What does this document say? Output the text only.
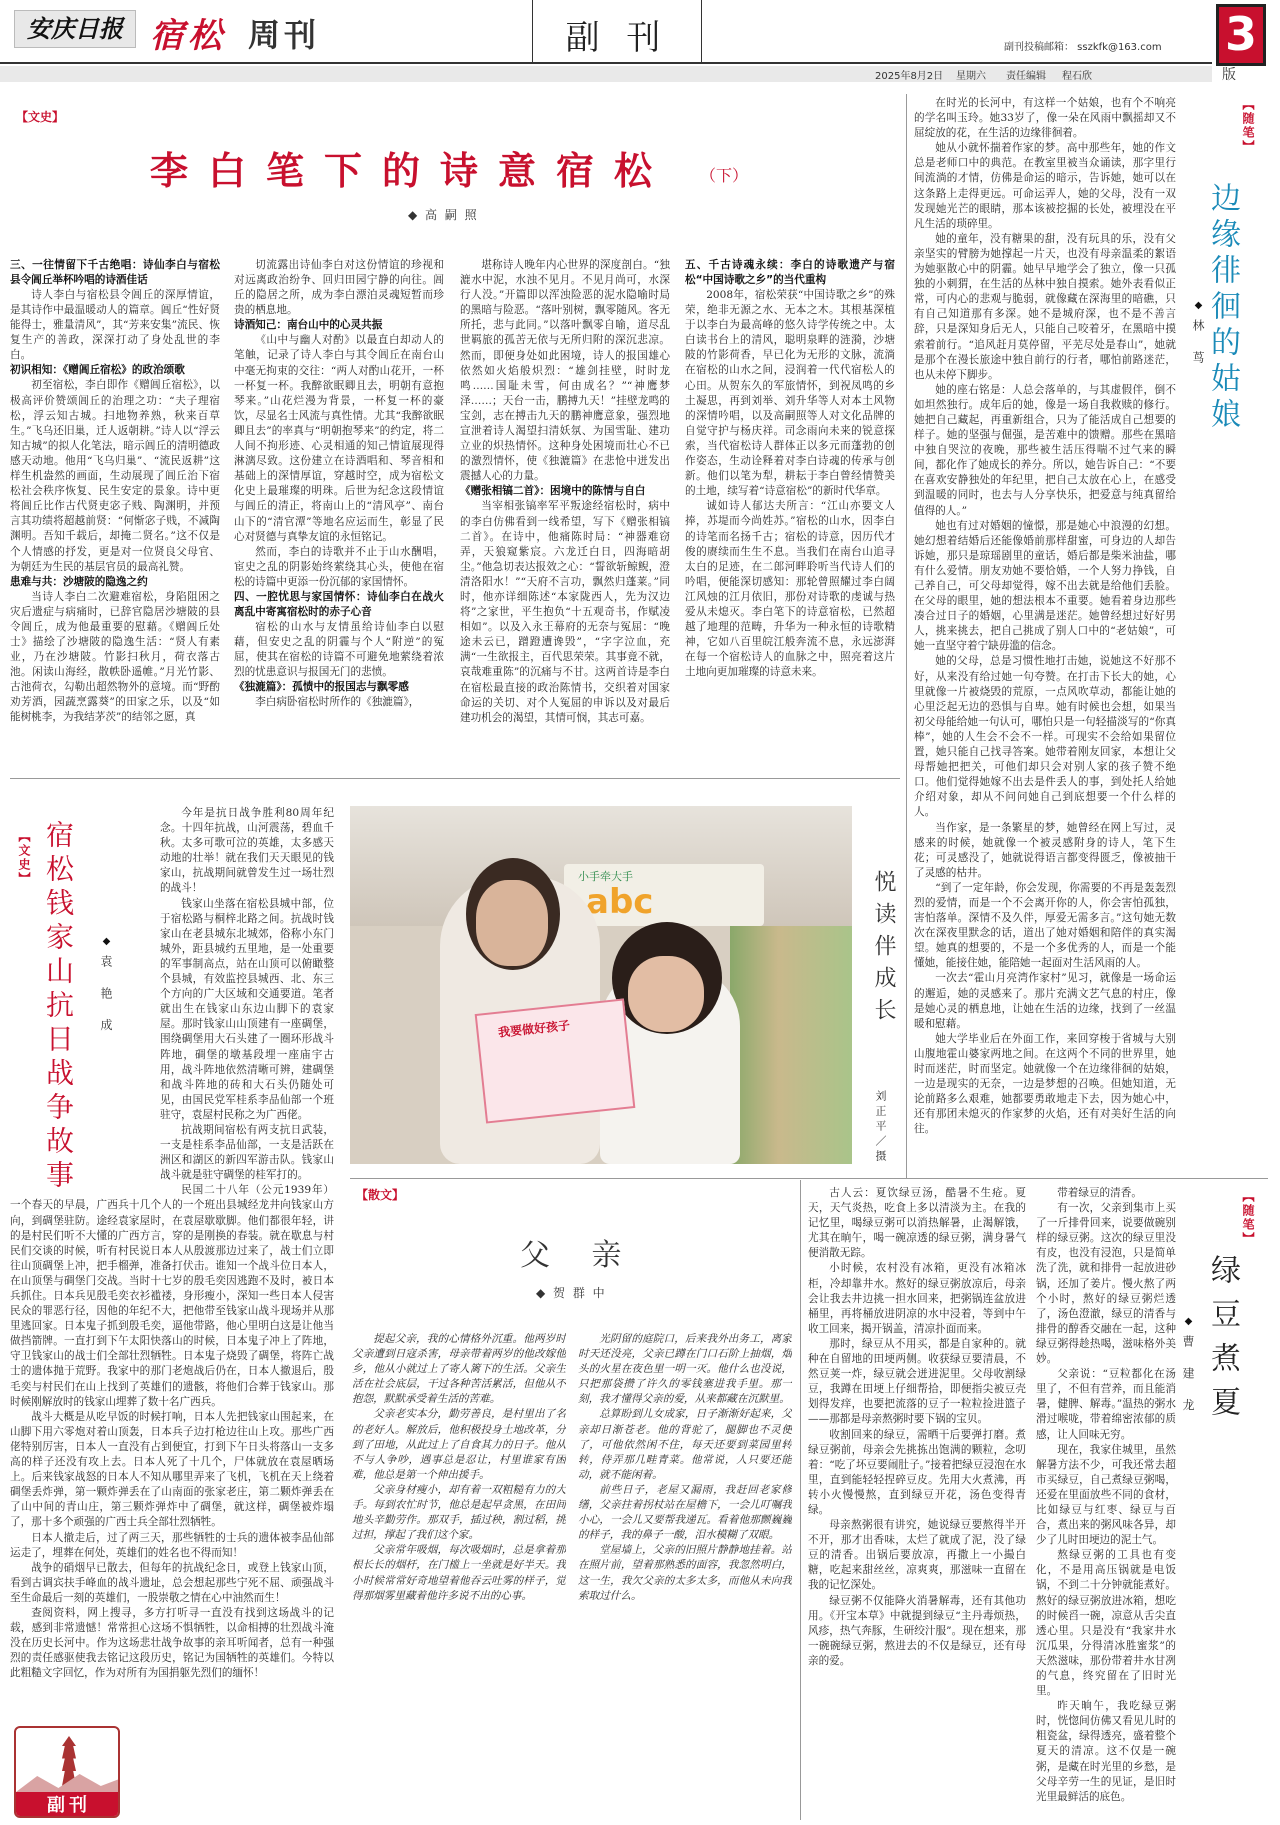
安庆日报 宿松 周刊	副 刊	副刊投稿邮箱： sszkfk@163.com
2025年8月2日 星期六 责任编辑 程石欣
3
版
【文史】
李白笔下的诗意宿松 （下）
◆ 高 嗣 照
三、一往情留下千古绝唱：诗仙李白与宿松县令阊丘举杯吟唱的诗酒佳话

诗人李白与宿松县令阊丘的深厚情谊，是其诗作中最温暖动人的篇章。阊丘“性好贤能得士，雅量清风”，其“芳来安集”流民、恢复生产的善政，深深打动了身处乱世的李白。

初识相知：《赠阊丘宿松》的政治颂歌

初至宿松，李白即作《赠阊丘宿松》，以极高评价赞颂阊丘的治理之功：“夫子理宿松，浮云知古城。扫地物养熟，秋来百草生。”飞乌还旧巢，迁人返朝耕。”诗人以“浮云知古城”的拟人化笔法，暗示阊丘的清明德政感天动地。他用“飞乌归巢”、“流民返耕”这样生机盎然的画面，生动展现了阊丘治下宿松社会秩序恢复、民生安定的景象。诗中更将阊丘比作古代贤吏宓子贱、陶渊明，并预言其功绩将超越前贤：“何惭宓子贱，不减陶渊明。吾知千载后，却掩二贤名。”这不仅是个人情感的抒发，更是对一位贤良父母官、为朝廷为生民的基层官员的最高礼赞。

患难与共：沙塘陂的隐逸之约

当诗人李白二次避难宿松，身陷阻困之灾后遗症与病痛时，已辞官隐居沙塘陂的县令阊丘，成为他最重要的慰藉。《赠阊丘处士》描绘了沙塘陂的隐逸生活：“贤人有素业，乃在沙塘陂。竹影扫秋月，荷衣落古池。闲读山海经，散帙卧遥帷。”月光竹影、古池荷衣，勾勒出超然物外的意境。而“野酌劝芳酒，园蔬烹露葵”的田家之乐，以及“如能树桃李，为我结茅茨”的结邻之愿，真

切流露出诗仙李白对这份情谊的珍视和对远离政治纷争、回归田园宁静的向往。阊丘的隐居之所，成为李白漂泊灵魂短暂而珍贵的栖息地。

诗酒知己：南台山中的心灵共振

《山中与幽人对酌》以最直白却动人的笔触，记录了诗人李白与其令阊丘在南台山中毫无拘束的交往：“两人对酌山花开，一杯一杯复一杯。我醉欲眠卿且去，明朝有意抱琴来。”山花烂漫为背景，一杯复一杯的豪饮，尽显名士风流与真性情。尤其“我醉欲眠卿且去”的率真与“明朝抱琴来”的约定，将二人间不拘形迹、心灵相通的知己情谊展现得淋漓尽致。这份建立在诗酒唱和、琴音相和基础上的深情厚谊，穿越时空，成为宿松文化史上最璀璨的明珠。后世为纪念这段情谊与阊丘的清正，将南山上的“清风亭”、南台山下的“清官潭”等地名应运而生，彰显了民心对贤德与真挚友谊的永恒铭记。

然而，李白的诗歌并不止于山水酬唱，宦史之乱的阴影始终萦绕其心头，使他在宿松的诗篇中更添一份沉郁的家国情怀。

四、一腔忧思与家国情怀：诗仙李白在战火离乱中寄寓宿松时的赤子心音

宿松的山水与友情虽给诗仙李白以慰藉，但安史之乱的阴霾与个人“附逆”的冤屈，使其在宿松的诗篇不可避免地萦绕着浓烈的忧患意识与报国无门的悲愤。

《独漉篇》：孤愤中的报国志与飘零感

李白病卧宿松时所作的《独漉篇》，

堪称诗人晚年内心世界的深度剖白。“独漉水中泥，水浊不见月。不见月尚可，水深行人没。”开篇即以浑浊险恶的泥水隐喻时局的黑暗与险恶。“落叶别树，飘零随风。客无所托，悲与此同。”以落叶飘零自喻，道尽乱世羁旅的孤苦无依与无所归附的深沉悲凉。然而，即便身处如此困境，诗人的报国雄心依然如火焰般炽烈：“雄剑挂壁，时时龙鸣……国耻未雪，何由成名？”“神鹰梦泽……；天台一击，鹏搏九天！”挂壁龙鸣的宝剑，志在搏击九天的鹏神鹰意象，强烈地宣泄着诗人渴望扫清妖氛、为国雪耻、建功立业的炽热情怀。这种身处困境而壮心不已的激烈情怀，使《独漉篇》在悲怆中迸发出震撼人心的力量。

《赠张相镐二首》：困境中的陈情与自白

当宰相张镐率军平叛途经宿松时，病中的李白仿佛看到一线希望，写下《赠张相镐二首》。在诗中，他痛陈时局：“神器难窃弄，天狼窥紫宸。六龙迁白日，四海暗胡尘。”他急切表达报效之心：“誓欲斩鲸鲵，澄清洛阳水！”“天府不言功，飘然归蓬莱。”同时，他亦详细陈述“本家陇西人，先为汉边将”之家世，平生抱负“十五观奇书，作赋凌相如”。以及入永王幕府的无奈与冤屈：“晚途未云已，蹭蹬遭谗毁”，“字字泣血，充满“一生欲报主，百代思荣荣。其事竟不就，哀哉难重陈”的沉痛与不甘。这两首诗是李白在宿松最直接的政治陈情书，交织着对国家命运的关切、对个人冤屈的申诉以及对最后建功机会的渴望，其情可悯，其志可嘉。

五、千古诗魂永续：李白的诗歌遗产与宿松“中国诗歌之乡”的当代重构

2008年，宿松荣获“中国诗歌之乡”的殊荣，绝非无源之水、无本之木。其根基深植于以李白为最高峰的悠久诗学传统之中。太白读书台上的清风，聪明泉畔的涟漪，沙塘陂的竹影荷香，早已化为无形的文脉，流淌在宿松的山水之间，浸润着一代代宿松人的心田。从贺东久的军旅情怀，到祝凤鸣的乡土凝思，再到刘举、刘升华等人对本土风物的深情吟唱，以及高嗣照等人对文化品牌的自觉守护与杨庆祥。司念雨向未来的锐意探索，当代宿松诗人群体正以多元而蓬勃的创作姿态，生动诠释着对李白诗魂的传承与创新。他们以笔为犁，耕耘于李白曾经情赞美的土地，续写着“诗意宿松”的新时代华章。

诚如诗人郁达夫所言：“江山亦要文人捧，苏堤而今尚姓苏。”宿松的山水，因李白的诗笔而名扬千古；宿松的诗意，因历代才俊的赓续而生生不息。当我们在南台山追寻太白的足迹，在二郎河畔聆听当代诗人们的吟唱，便能深切感知：那轮曾照耀过李白阔江风烛的江月依旧，那份对诗歌的虔诚与热爱从未熄灭。李白笔下的诗意宿松，已然超越了地理的范畴，升华为一种永恒的诗歌精神，它如八百里皖江般奔流不息，永远澎湃在每一个宿松诗人的血脉之中，照亮着这片土地向更加璀璨的诗意未来。

在时光的长河中，有这样一个姑娘，也有个不响亮的学名叫玉玲。她33岁了，像一朵在风雨中飘摇却又不屈绽放的花，在生活的边缘徘徊着。

她从小就怀揣着作家的梦。高中那些年，她的作文总是老师口中的典范。在教室里被当众诵读，那字里行间流淌的才情，仿佛是命运的暗示，告诉她，她可以在这条路上走得更远。可命运弄人，她的父母，没有一双发现她光芒的眼睛，那本该被挖掘的长处，被埋没在平凡生活的琐碎里。

她的童年，没有糖果的甜，没有玩具的乐，没有父亲坚实的臂膀为她撑起一片天，也没有母亲温柔的絮语为她驱散心中的阴霾。她早早地学会了独立，像一只孤独的小刺猬，在生活的丛林中独自摸索。她外表看似正常，可内心的悲观与脆弱，就像藏在深海里的暗礁，只有自己知道那有多深。她不是城府深，也不是不善言辞，只是深知身后无人，只能自己咬着牙，在黑暗中摸索着前行。“追风赶月莫停留，平芜尽处是春山”，她就是那个在漫长旅途中独自前行的行者，哪怕前路迷茫，也从未停下脚步。

她的座右铭是：人总会落单的，与其虚假伴，倒不如坦然独行。成年后的她，像是一场自我救赎的修行。她把自己藏起，再重新组合，只为了能活成自己想要的样子。她的坚强与倔强，是苦难中的馈赠。那些在黑暗中独自哭泣的夜晚，那些被生活压得喘不过气来的瞬间，都化作了她成长的养分。所以，她告诉自己：“不要在喜欢安静独处的年纪里，把自己太放在心上，在感受到温暖的同时，也去与人分享快乐，把爱意与纯真留给值得的人。”

她也有过对婚姻的憧憬，那是她心中浪漫的幻想。她幻想着结婚后还能像婚前那样甜蜜，可身边的人却告诉她，那只是琼瑶剧里的童话，婚后都是柴米油盐，哪有什么爱情。朋友劝她不要恰婚，一个人努力挣钱，自己养自己，可父母却觉得，嫁不出去就是给他们丢脸。在父母的眼里，她的想法根本不重要。她看着身边那些凑合过日子的婚姻，心里满是迷茫。她曾经想过好好男人，挑来挑去，把自己挑成了别人口中的“老姑娘”，可她一直坚守着宁缺毋滥的信念。

她的父母，总是习惯性地打击她，说她这不好那不好，从来没有给过她一句夸赞。在打击下长大的她，心里就像一片被烧毁的荒原，一点风吹草动，都能让她的心里泛起无边的恐惧与自卑。她有时候也会想，如果当初父母能给她一句认可，哪怕只是一句轻描淡写的“你真棒”，她的人生会不会不一样。可现实不会给如果留位置，她只能自己找寻答案。她带着刚友回家，本想让父母帮她把把关，可他们却只会对别人家的孩子赞不绝口。他们觉得她嫁不出去是件丢人的事，到处托人给她介绍对象，却从不问问她自己到底想要一个什么样的人。

当作家，是一条繁星的梦，她曾经在网上写过，灵感来的时候，她就像一个被灵感附身的诗人，笔下生花；可灵感没了，她就说得语言都变得匮乏，像被抽干了灵感的枯井。

“到了一定年龄，你会发现，你需要的不再是轰轰烈烈的爱情，而是一个不会离开你的人，你会害怕孤独，害怕落单。深情不及久伴，厚爱无需多言。”这句她无数次在深夜里默念的话，道出了她对婚姻和陪伴的真实渴望。她真的想要的，不是一个多优秀的人，而是一个能懂她，能接住她，能陪她一起面对生活风雨的人。

一次去“霍山月亮湾作家村”见习，就像是一场命运的邂逅，她的灵感来了。那片充满文艺气息的村庄，像是她心灵的栖息地，让她在生活的边缘，找到了一丝温暖和慰藉。

她大学毕业后在外面工作，来回穿梭于省城与大别山腹地霍山婆家两地之间。在这两个不同的世界里，她时而迷茫，时而坚定。她就像一个在边缘徘徊的姑娘，一边是现实的无奈，一边是梦想的召唤。但她知道，无论前路多么艰难，她都要勇敢地走下去，因为她心中，还有那团未熄灭的作家梦的火焰，还有对美好生活的向往。

【随笔】
边缘徘徊的姑娘
◆林 茑
【文史】 宿松钱家山抗日战争故事	◆袁 艳 成

今年是抗日战争胜利80周年纪念。十四年抗战，山河震荡，碧血千秋。太多可歌可泣的英雄，太多感天动地的壮举！就在我们天天眼见的钱家山，抗战期间就曾发生过一场壮烈的战斗！

钱家山坐落在宿松县城中部，位于宿松路与桐梓北路之间。抗战时钱家山在老县城东北城郊，俗称小东门城外，距县城约五里地，是一处重要的军事制高点，站在山顶可以俯瞰整个县城，有效监控县城西、北、东三个方向的广大区域和交通要道。笔者就出生在钱家山东边山脚下的袁家屋。那时钱家山山顶建有一座碉堡，围绕碉堡用大石头建了一圈环形战斗阵地，碉堡的墩基段埋一座庙宇古用，战斗阵地依然清晰可辨，建碉堡和战斗阵地的砖和大石头仍随处可见，由国民党军桂系李品仙部一个班驻守，袁屋村民称之为广西佬。

抗战期间宿松有两支抗日武装，一支是桂系李品仙部，一支是活跃在洲区和湖区的新四军游击队。钱家山战斗就是驻守碉堡的桂军打的。

民国二十八年（公元1939年）一个春天的早晨，广西兵十几个人的一个班出县城经龙井向钱家山方向，到碉堡驻防。途经袁家屋时，在袁屋歇歇脚。他们都很年轻，讲的是村民们听不大懂的广西方言，穿的是刚换的春装。就在歇息与村民们交谈的时候，听有村民说日本人从殷渡那边过来了，战士们立即往山顶碉堡上冲，把手榴弹，准备打伏击。谁知一个战斗位日本人，在山顶堡与碉堡门交战。当时十七岁的殷毛奕因逃跑不及时，被日本兵抓住。日本兵见殷毛奕衣衫褴褛，身形瘦小，深知一些日本人侵害民众的罪恶行径，因他的年纪不大，把他带至钱家山战斗现场并从那里逃回家。日本鬼子抓到殷毛奕，逼他带路，他心里明白这是让他当做挡箭牌。一直打到下午太阳快落山的时候，日本鬼子冲上了阵地，守卫钱家山的战士们全部壮烈牺牲。日本鬼子烧毁了碉堡，将阵亡战士的遗体抛于荒野。我家中的那门老炮战后仍在，日本人撤退后，殷毛奕与村民们在山上找到了英雄们的遗骸，将他们合葬于钱家山。那时候刚解放时的钱家山埋葬了数十名广西兵。

战斗大概是从吃早饭的时候打响，日本人先把钱家山围起来，在山脚下用六零炮对着山顶轰，日本兵子边打枪边往山上攻。那些广西佬特别厉害，日本人一直没有占到便宜，打到下午日头将落山一支多高的样子还没有攻上去。日本人死了十几个，尸体就放在袁屋晒场上。后来钱家战怒的日本人不知从哪里弄来了飞机，飞机在天上绕着碉堡丢炸弹，第一颗炸弹丢在了山南面的张家老庄，第二颗炸弹丢在了山中间的青山庄，第三颗炸弹炸中了碉堡，就这样，碉堡被炸塌了，那十多个顽强的广西士兵全部壮烈牺牲。

日本人撤走后，过了两三天，那些牺牲的士兵的遗体被李品仙部运走了，埋葬在何处，英雄们的姓名也不得而知！

战争的硝烟早已散去，但每年的抗战纪念日，或登上钱家山顶，看到古调宾扶手峰血的战斗遗址，总会想起那些宁死不屈、顽强战斗至生命最后一刻的英雄们，一股崇敬之情在心中油然而生！

查阅资料，网上搜寻，多方打听寻一直没有找到这场战斗的记载，感到非常遗憾！常常担心这场不惧牺牲，以命相搏的壮烈战斗淹没在历史长河中。作为这场悲壮战争故事的亲耳听闻者，总有一种强烈的责任感驱使我去铭记这段历史，铭记为国牺牲的英雄们。今特以此粗糙文字回忆，作为对所有为国捐躯先烈们的缅怀！

小手牵大手
abc
我要做好孩子	悦读伴成长
刘正平／摄
【散文】
父 亲
◆ 贺 群 中

提起父亲，我的心情格外沉重。他两岁时父亲遭到日寇杀害，母亲带着两岁的他改嫁他乡，他从小就过上了寄人篱下的生活。父亲生活在社会底层，干过各种苦活累活，但他从不抱怨，默默承受着生活的苦难。

父亲老实本分，勤劳善良，是村里出了名的老好人。解放后，他积极投身土地改革，分到了田地，从此过上了自食其力的日子。他从不与人争吵，遇事总是忍让，村里谁家有困难，他总是第一个伸出援手。

父亲身材瘦小，却有着一双粗糙有力的大手。每到农忙时节，他总是起早贪黑，在田间地头辛勤劳作。那双手，插过秧，割过稻，挑过担，撑起了我们这个家。

父亲常年吸烟，每次吸烟时，总是拿着那根长长的烟杆，在门槛上一坐就是好半天。我小时候常常好奇地望着他吞云吐雾的样子，觉得那烟雾里藏着他许多说不出的心事。

光阴留的庭院口，后来我外出务工，离家时天还没亮，父亲已蹲在门口石阶上抽烟，烟头的火星在夜色里一明一灭。他什么也没说，只把那袋攒了许久的零钱塞进我手里。那一刻，我才懂得父亲的爱，从来都藏在沉默里。

总算盼到儿女成家，日子渐渐好起来，父亲却日渐苍老。他的背驼了，腿脚也不灵便了，可他依然闲不住，每天还要到菜园里转转，侍弄那几畦青菜。他常说，人只要还能动，就不能闲着。

前些日子，老屋又漏雨，我赶回老家修缮，父亲拄着拐杖站在屋檐下，一会儿叮嘱我小心，一会儿又要帮我递瓦。看着他那颤巍巍的样子，我的鼻子一酸，泪水模糊了双眼。

堂屋墙上，父亲的旧照片静静地挂着。站在照片前，望着那熟悉的面容，我忽然明白，这一生，我欠父亲的太多太多，而他从未向我索取过什么。

古人云：夏饮绿豆汤，酷暑不生疮。夏天，天气炎热，吃食上多以清淡为主。在我的记忆里，喝绿豆粥可以消热解暑，止渴解饿，尤其在晌午，喝一碗凉透的绿豆粥，满身暑气便消散无踪。

小时候，农村没有冰箱，更没有冰箱冰柜，冷却靠井水。熬好的绿豆粥放凉后，母亲会让我去井边挑一担水回来，把粥锅连盆放进桶里，再将桶放进阴凉的水中浸着，等到中午收工回来，揭开锅盖，清凉扑面而来。

那时，绿豆从不用买，都是自家种的。就种在自留地的田埂两侧。收获绿豆要清晨，不然豆荚一炸，绿豆就会迸进泥里。父母收割绿豆，我蹲在田埂上仔细帮拾，即便指尖被豆壳划得发痒，也要把流落的豆子一粒粒捡进篮子——那都是母亲熬粥时要下锅的宝贝。

收割回来的绿豆，需晒干后要弹打磨。煮绿豆粥前，母亲会先挑拣出饱满的颗粒，念叨着：“吃了坏豆要闹肚子。”接着把绿豆浸泡在水里，直到能轻轻捏碎豆皮。先用大火煮沸，再转小火慢慢熬，直到绿豆开花，汤色变得青绿。

母亲熬粥很有讲究，她说绿豆要熬得半开不开，那才出香味，太烂了就成了泥，没了绿豆的清香。出锅后要放凉，再撒上一小撮白糖，吃起来甜丝丝，凉爽爽，那滋味一直留在我的记忆深处。

绿豆粥不仅能降火消暑解毒，还有其他功用。《开宝本草》中就提到绿豆“主丹毒烦热，风疹，热气奔豚，生研绞汁服”。现在想来，那一碗碗绿豆粥，熬进去的不仅是绿豆，还有母亲的爱。

带着绿豆的清香。

有一次，父亲到集市上买了一斤排骨回来，说要做碗别样的绿豆粥。这次的绿豆里没有皮，也没有浸泡，只是简单洗了洗，就和排骨一起放进砂锅，还加了姜片。慢火熬了两个小时，熬好的绿豆粥烂透了，汤色澄澈，绿豆的清香与排骨的醇香交融在一起，这种绿豆粥得趁热喝，滋味格外美妙。

父亲说：“豆粒都化在汤里了，不但有营养，而且能消暑，健脾、解毒。”温热的粥水滑过喉咙，带着绵密浓郁的质感，让人回味无穷。

现在，我家住城里，虽然解暑方法不少，可我还常去超市买绿豆，自己煮绿豆粥喝，还爱在里面放些不同的食材，比如绿豆与红枣、绿豆与百合，煮出来的粥风味各异，却少了儿时田埂边的泥土气。

熬绿豆粥的工具也有变化，不是用高压锅就是电饭锅，不到二十分钟就能煮好。熬好的绿豆粥放进冰箱，想吃的时候舀一碗，凉意从舌尖直透心里。只是没有“我家井水沉瓜果，分得清冰胜蜜浆”的天然滋味，那份带着井水甘冽的气息，终究留在了旧时光里。

昨天晌午，我吃绿豆粥时，恍惚间仿佛又看见儿时的粗瓷盆，绿得透亮，盛着整个夏天的清凉。这不仅是一碗粥，是藏在时光里的乡愁，是父母辛劳一生的见证，是旧时光里最鲜活的底色。

【随笔】
绿豆煮夏
◆曹 建 龙
副刊
